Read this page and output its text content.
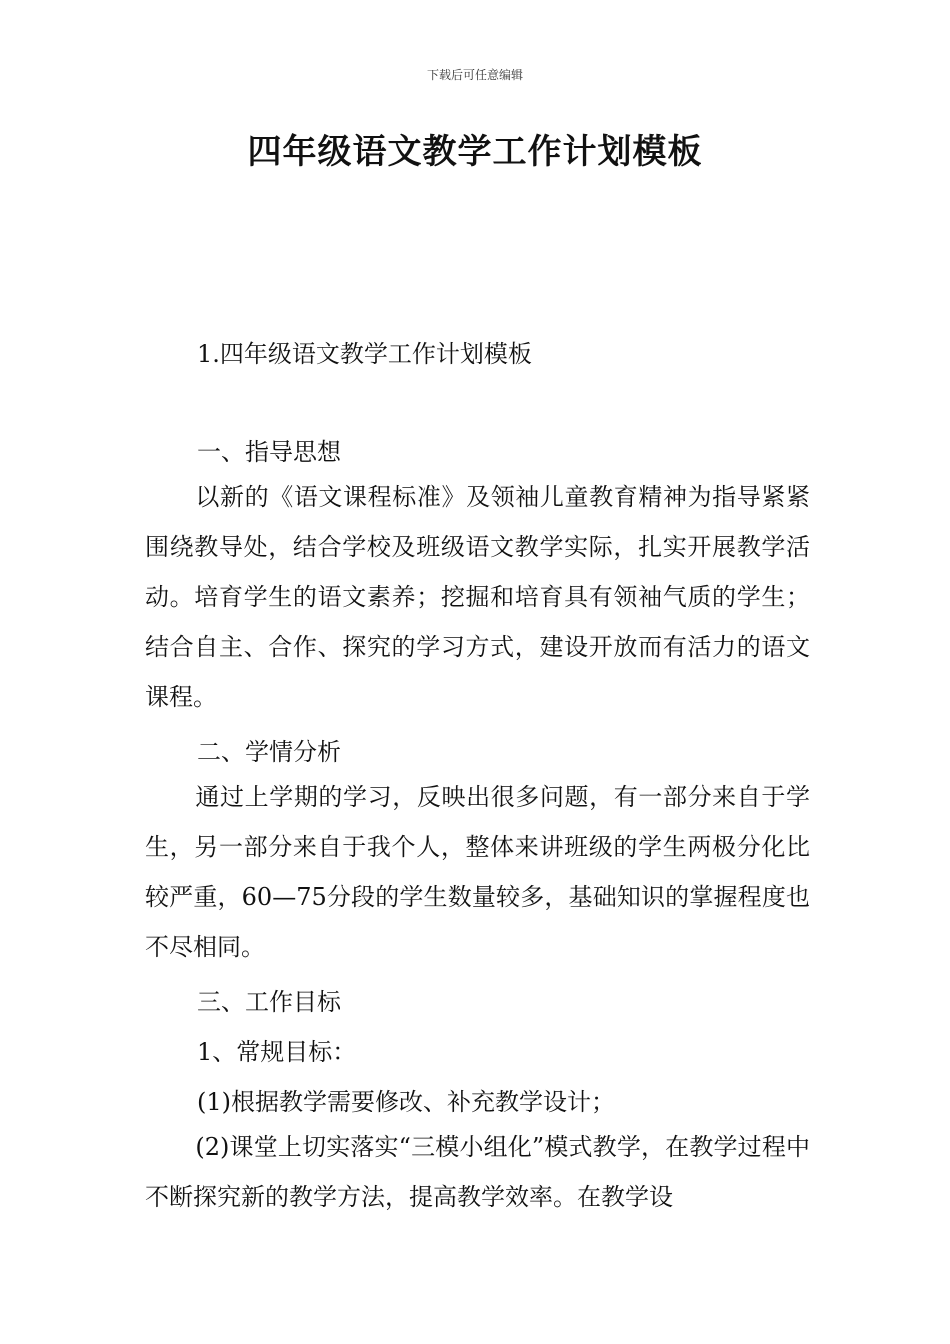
下载后可任意编辑
四年级语文教学工作计划模板

1.四年级语文教学工作计划模板

一、指导思想

以新的《语文课程标准》及领袖儿童教育精神为指导紧紧围绕教导处，结合学校及班级语文教学实际，扎实开展教学活动。培育学生的语文素养；挖掘和培育具有领袖气质的学生；结合自主、合作、探究的学习方式，建设开放而有活力的语文课程。

二、学情分析

通过上学期的学习，反映出很多问题，有一部分来自于学生，另一部分来自于我个人，整体来讲班级的学生两极分化比较严重，60—75分段的学生数量较多，基础知识的掌握程度也不尽相同。

三、工作目标

1、常规目标：

(1)根据教学需要修改、补充教学设计；

(2)课堂上切实落实“三模小组化”模式教学，在教学过程中不断探究新的教学方法，提高教学效率。在教学设
